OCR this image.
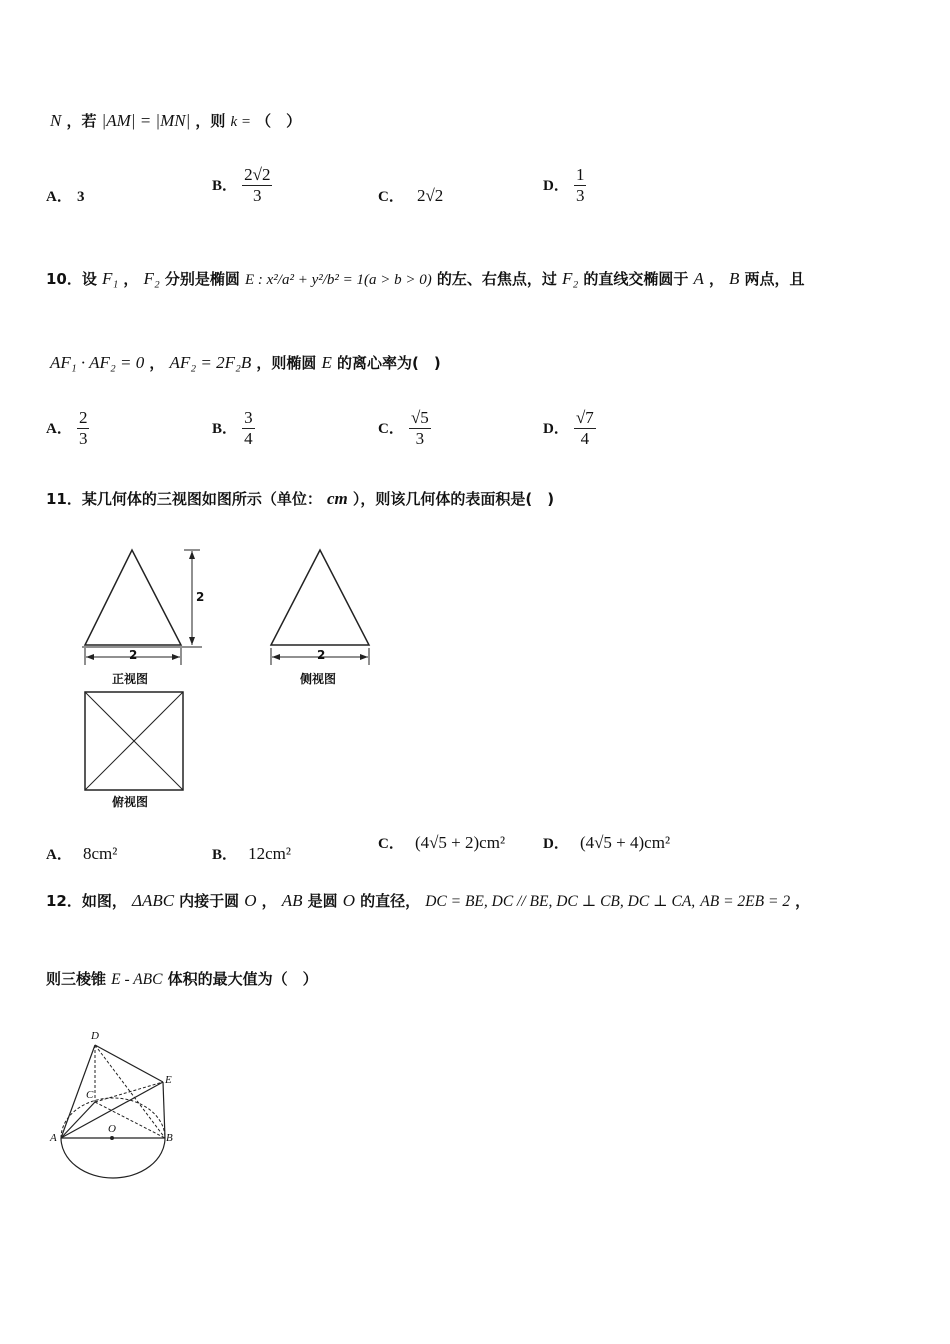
N ，若 |AM| = |MN| ，则 k = （　）
A． 3
B． $\frac{2√2}{3}$	C． 2√2	D． $\frac{1}{3}$
10．设 F₁ ， F₂ 分别是椭圆 E : x²/a² + y²/b² = 1(a > b > 0) 的左、右焦点，过 F₂ 的直线交椭圆于 A ， B 两点，且
AF₁ · AF₂ = 0 ， AF₂ = 2F₂B ，则椭圆 E 的离心率为(　)
A． $\frac{2}{3}$	B． $\frac{3}{4}$	C． $\frac{√5}{3}$	D． $\frac{√7}{4}$
11．某几何体的三视图如图所示（单位： cm ），则该几何体的表面积是(　)
2
2	2
正视图	侧视图
俯视图
A． 8cm²	B． 12cm²	C． (4√5 + 2)cm²	D． (4√5 + 4)cm²
12．如图， ΔABC 内接于圆 O ， AB 是圆 O 的直径， DC = BE, DC // BE, DC ⊥ CB, DC ⊥ CA, AB = 2EB = 2 ，
则三棱锥 E - ABC 体积的最大值为（　）
D
E
C
A
O
B
